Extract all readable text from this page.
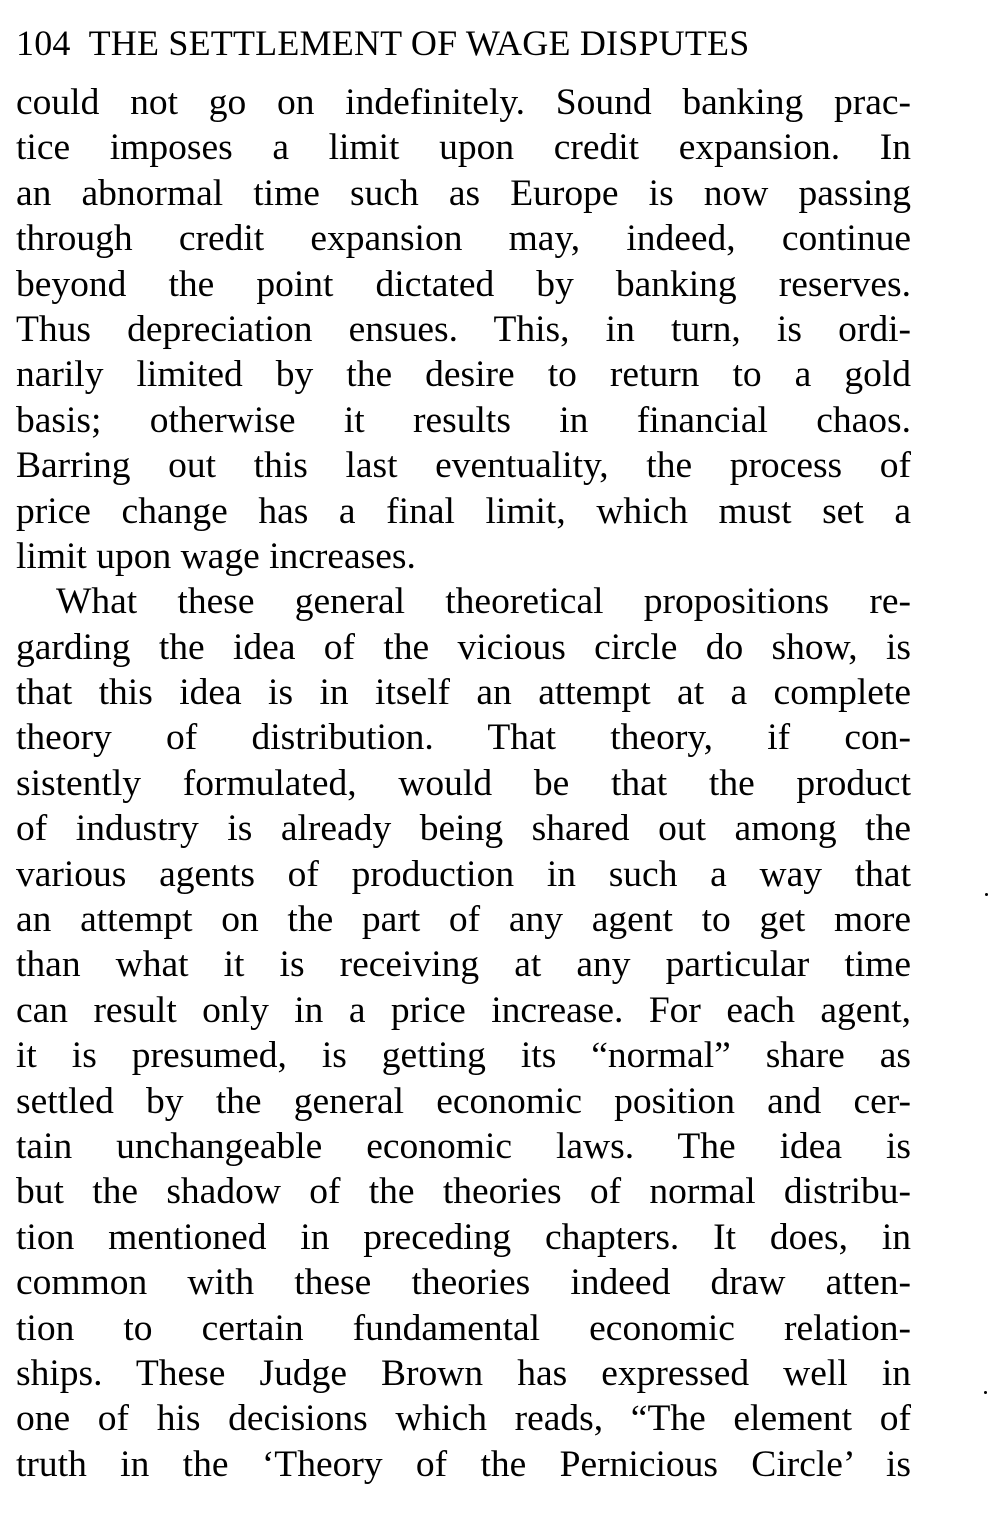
104 THE SETTLEMENT OF WAGE DISPUTES
could not go on indefinitely. Sound banking prac-
tice imposes a limit upon credit expansion. In
an abnormal time such as Europe is now passing
through credit expansion may, indeed, continue
beyond the point dictated by banking reserves.
Thus depreciation ensues. This, in turn, is ordi-
narily limited by the desire to return to a gold
basis; otherwise it results in financial chaos.
Barring out this last eventuality, the process of
price change has a final limit, which must set a
limit upon wage increases.
What these general theoretical propositions re-
garding the idea of the vicious circle do show, is
that this idea is in itself an attempt at a complete
theory of distribution. That theory, if con-
sistently formulated, would be that the product
of industry is already being shared out among the
various agents of production in such a way that
an attempt on the part of any agent to get more
than what it is receiving at any particular time
can result only in a price increase. For each agent,
it is presumed, is getting its “normal” share as
settled by the general economic position and cer-
tain unchangeable economic laws. The idea is
but the shadow of the theories of normal distribu-
tion mentioned in preceding chapters. It does, in
common with these theories indeed draw atten-
tion to certain fundamental economic relation-
ships. These Judge Brown has expressed well in
one of his decisions which reads, “The element of
truth in the ‘Theory of the Pernicious Circle’ is
